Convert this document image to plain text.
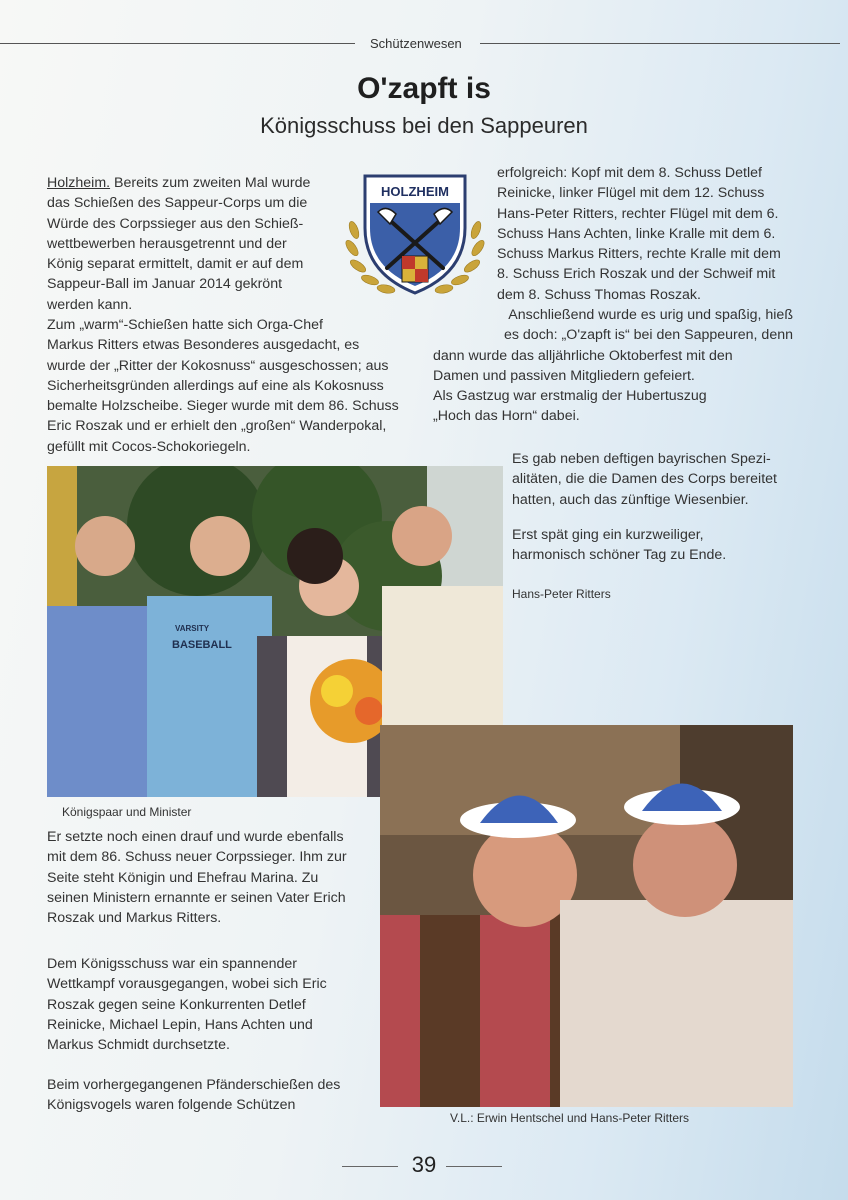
Schützenwesen
O'zapft is
Königsschuss bei den Sappeuren

Holzheim. Bereits zum zweiten Mal wurde

das Schießen des Sappeur-Corps um die

Würde des Corpssieger aus den Schieß-

wettbewerben herausgetrennt und der

König separat ermittelt, damit er auf dem

Sappeur-Ball im Januar 2014 gekrönt

werden kann.

Zum „warm“-Schießen hatte sich Orga-Chef

Markus Ritters etwas Besonderes ausgedacht, es

wurde der „Ritter der Kokosnuss“ ausgeschossen; aus

Sicherheitsgründen allerdings auf eine als Kokosnuss

bemalte Holzscheibe. Sieger wurde mit dem 86. Schuss

Eric Roszak und er erhielt den „großen“ Wanderpokal,

gefüllt mit Cocos-Schokoriegeln.

HOLZHEIM

erfolgreich: Kopf mit dem 8. Schuss Detlef

Reinicke, linker Flügel mit dem 12. Schuss

Hans-Peter Ritters, rechter Flügel mit dem 6.

Schuss Hans Achten, linke Kralle mit dem 6.

Schuss Markus Ritters, rechte Kralle mit dem

8. Schuss Erich Roszak und der Schweif mit

dem 8. Schuss Thomas Roszak.

Anschließend wurde es urig und spaßig, hieß

es doch: „O'zapft is“ bei den Sappeuren, denn

dann wurde das alljährliche Oktoberfest mit den

Damen und passiven Mitgliedern gefeiert.

Als Gastzug war erstmalig der Hubertuszug

„Hoch das Horn“ dabei.

Es gab neben deftigen bayrischen Spezi-

alitäten, die die Damen des Corps bereitet

hatten, auch das zünftige Wiesenbier.

Erst spät ging ein kurzweiliger,

harmonisch schöner Tag zu Ende.

Hans-Peter Ritters
VARSITY
BASEBALL
Königspaar und Minister

Er setzte noch einen drauf und wurde ebenfalls

mit dem 86. Schuss neuer Corpssieger. Ihm zur

Seite steht Königin und Ehefrau Marina. Zu

seinen Ministern ernannte er seinen Vater Erich

Roszak und Markus Ritters.

Dem Königsschuss war ein spannender

Wettkampf vorausgegangen, wobei sich Eric

Roszak gegen seine Konkurrenten Detlef

Reinicke, Michael Lepin, Hans Achten und

Markus Schmidt durchsetzte.

Beim vorhergegangenen Pfänderschießen des

Königsvogels waren folgende Schützen

V.L.: Erwin Hentschel und Hans-Peter Ritters
39
